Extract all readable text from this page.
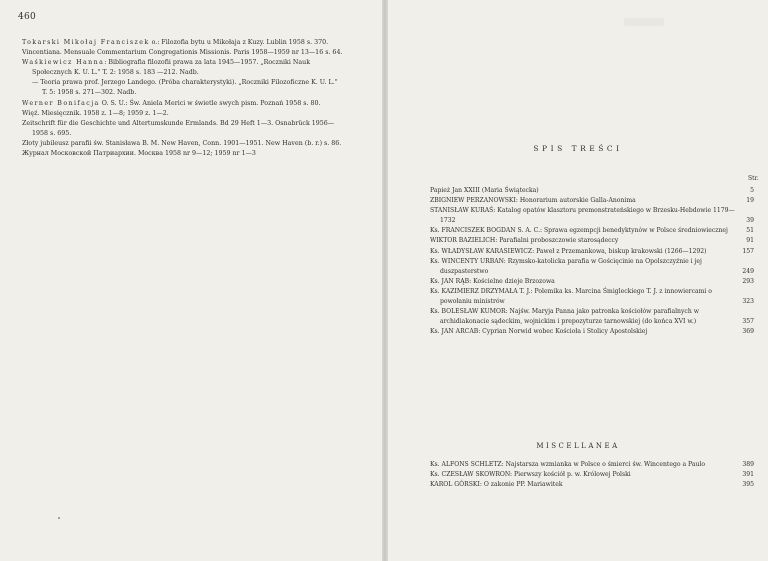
460

Tokarski Mikołaj Franciszek o.: Filozofia bytu u Mikołaja z Kuzy. Lublin 1958 s. 370.

Vincentiana. Mensuale Commentarium Congregationis Missionis. Paris 1958—1959 nr 13—16 s. 64.

Waśkiewicz Hanna: Bibliografia filozofii prawa za lata 1945—1957. „Roczniki Nauk Społecznych K. U. L." T. 2: 1958 s. 183 —212. Nadb.

— Teoria prawa prof. Jerzego Landego. (Próba charakterystyki). „Roczniki Filozoficzne K. U. L." T. 5: 1958 s. 271—302. Nadb.

Werner Bonifacja O. S. U.: Św. Aniela Merici w świetle swych pism. Poznań 1958 s. 80.

Więź. Miesięcznik. 1958 z. 1—8; 1959 z. 1—2.

Zeitschrift für die Geschichte und Altertumskunde Ermlands. Bd 29 Heft 1—3. Osnabrück 1956—1958 s. 695.

Złoty jubileusz parafii św. Stanisława B. M. New Haven, Conn. 1901—1951. New Haven (b. r.) s. 86.

Журнал Московской Патриархии. Москва 1958 nr 9—12; 1959 nr 1—3

SPIS TREŚCI
Str.
Papież Jan XXIII (Maria Świątecka)	5
ZBIGNIEW PERZANOWSKI: Honorarium autorskie Galla-Anonima	19
STANISŁAW KURAŚ: Katalog opatów klasztoru premonstrateńskiego w Brzesku-Hebdowie 1179—1732	39
Ks. FRANCISZEK BOGDAN S. A. C.: Sprawa egzempcji benedyktynów w Polsce średniowiecznej	51
WIKTOR BAZIELICH: Parafialni proboszczowie starosądeccy	91
Ks. WŁADYSŁAW KARASIEWICZ: Paweł z Przemankowa, biskup krakowski (1266—1292)	157
Ks. WINCENTY URBAN: Rzymsko-katolicka parafia w Gościęcinie na Opolszczyźnie i jej duszpasterstwo	249
Ks. JAN RĄB: Kościelne dzieje Brzozowa	293
Ks. KAZIMIERZ DRZYMAŁA T. J.: Polemika ks. Marcina Śmigleckiego T. J. z innowiercami o powołaniu ministrów	323
Ks. BOLESŁAW KUMOR: Najśw. Maryja Panna jako patronka kościołów parafialnych w archidiakonacie sądeckim, wojnickim i prepozyturze tarnowskiej (do końca XVI w.)	357
Ks. JAN ARCAB: Cyprian Norwid wobec Kościoła i Stolicy Apostolskiej	369
MISCELLANEA
Ks. ALFONS SCHLETZ: Najstarsza wzmianka w Polsce o śmierci św. Wincentego a Paulo	389
Ks. CZESŁAW SKOWRON: Pierwszy kościół p. w. Królowej Polski	391
KAROL GÓRSKI: O zakonie PP. Mariawitek	395
